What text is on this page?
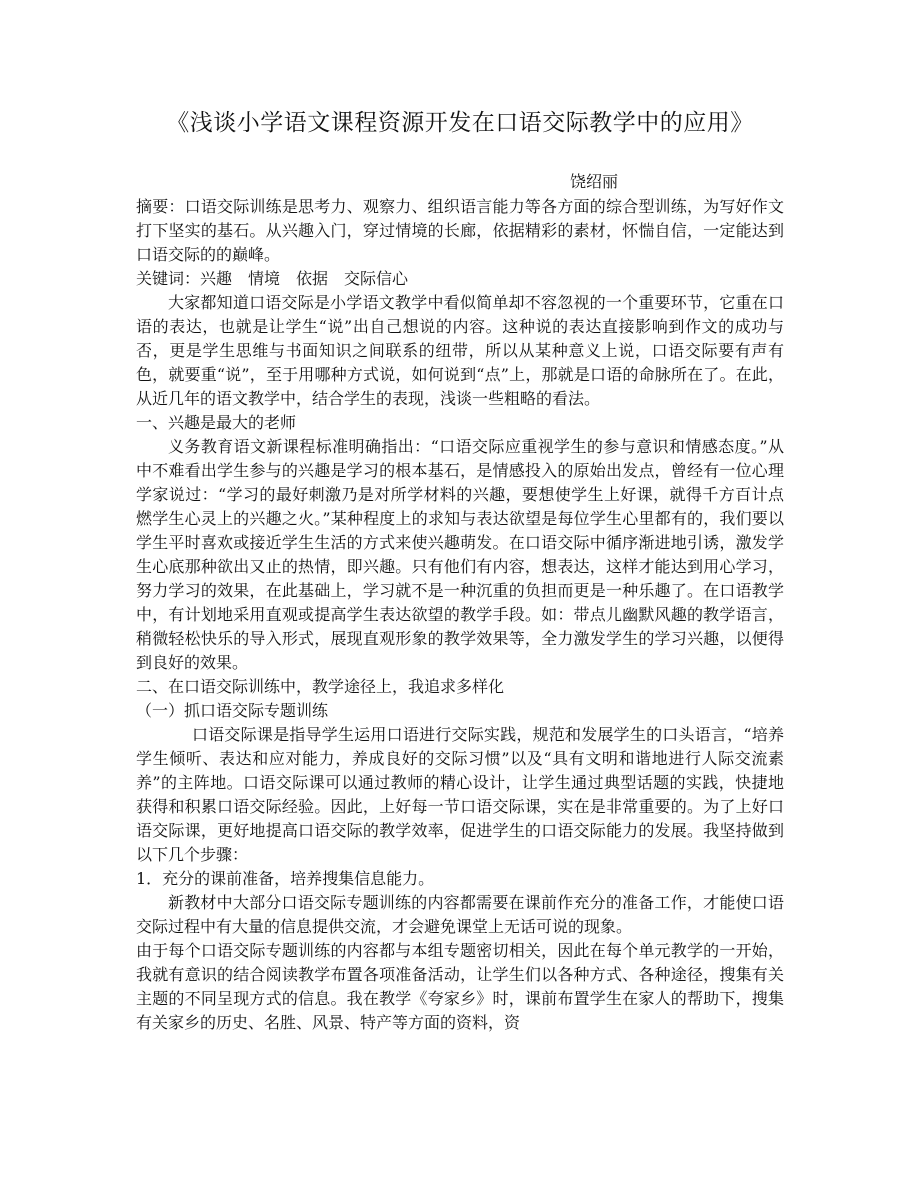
《浅谈小学语文课程资源开发在口语交际教学中的应用》
饶绍丽

摘要：口语交际训练是思考力、观察力、组织语言能力等各方面的综合型训练，为写好作文打下坚实的基石。从兴趣入门，穿过情境的长廊，依据精彩的素材，怀惴自信，一定能达到口语交际的的巅峰。

关键词：兴趣　情境　依据　交际信心

大家都知道口语交际是小学语文教学中看似简单却不容忽视的一个重要环节，它重在口语的表达，也就是让学生“说”出自己想说的内容。这种说的表达直接影响到作文的成功与否，更是学生思维与书面知识之间联系的纽带，所以从某种意义上说，口语交际要有声有色，就要重“说”，至于用哪种方式说，如何说到“点”上，那就是口语的命脉所在了。在此，从近几年的语文教学中，结合学生的表现，浅谈一些粗略的看法。

一、兴趣是最大的老师

义务教育语文新课程标准明确指出：“口语交际应重视学生的参与意识和情感态度。”从中不难看出学生参与的兴趣是学习的根本基石，是情感投入的原始出发点，曾经有一位心理学家说过：“学习的最好刺激乃是对所学材料的兴趣，要想使学生上好课，就得千方百计点燃学生心灵上的兴趣之火。”某种程度上的求知与表达欲望是每位学生心里都有的，我们要以学生平时喜欢或接近学生生活的方式来使兴趣萌发。在口语交际中循序渐进地引诱，激发学生心底那种欲出又止的热情，即兴趣。只有他们有内容，想表达，这样才能达到用心学习，努力学习的效果，在此基础上，学习就不是一种沉重的负担而更是一种乐趣了。在口语教学中，有计划地采用直观或提高学生表达欲望的教学手段。如：带点儿幽默风趣的教学语言，稍微轻松快乐的导入形式，展现直观形象的教学效果等，全力激发学生的学习兴趣，以便得到良好的效果。

二、在口语交际训练中，教学途径上，我追求多样化

（一）抓口语交际专题训练

口语交际课是指导学生运用口语进行交际实践，规范和发展学生的口头语言，“培养学生倾听、表达和应对能力，养成良好的交际习惯”以及“具有文明和谐地进行人际交流素养”的主阵地。口语交际课可以通过教师的精心设计，让学生通过典型话题的实践，快捷地获得和积累口语交际经验。因此，上好每一节口语交际课，实在是非常重要的。为了上好口语交际课，更好地提高口语交际的教学效率，促进学生的口语交际能力的发展。我坚持做到以下几个步骤：

1．充分的课前准备，培养搜集信息能力。

新教材中大部分口语交际专题训练的内容都需要在课前作充分的准备工作，才能使口语交际过程中有大量的信息提供交流，才会避免课堂上无话可说的现象。

由于每个口语交际专题训练的内容都与本组专题密切相关，因此在每个单元教学的一开始，我就有意识的结合阅读教学布置各项准备活动，让学生们以各种方式、各种途径，搜集有关主题的不同呈现方式的信息。我在教学《夸家乡》时，课前布置学生在家人的帮助下，搜集有关家乡的历史、名胜、风景、特产等方面的资料，资
